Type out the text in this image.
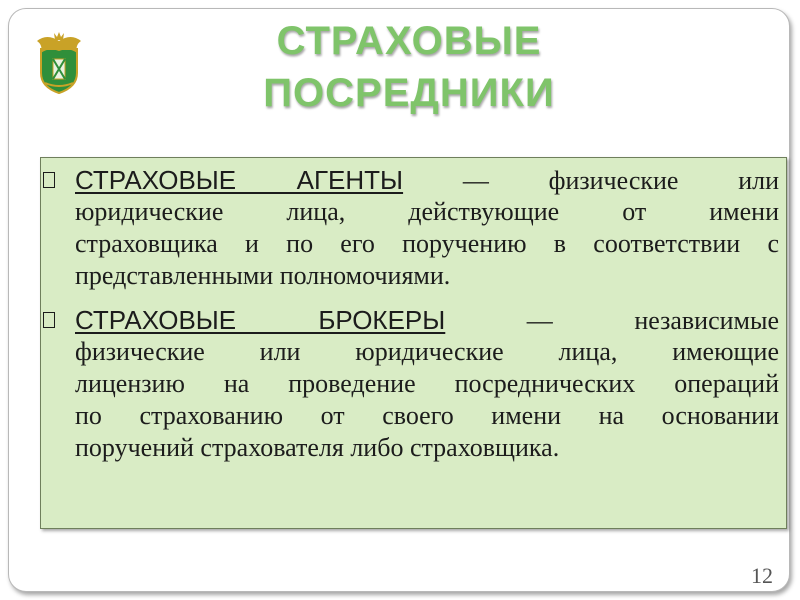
СТРАХОВЫЕ
ПОСРЕДНИКИ
СТРАХОВЫЕ АГЕНТЫ — физические или
юридические лица, действующие от имени
страховщика и по его поручению в соответствии с
представленными полномочиями.
СТРАХОВЫЕ БРОКЕРЫ	—	независимые
физические или юридические лица, имеющие
лицензию на проведение посреднических операций
по страхованию от своего имени на основании
поручений страхователя либо страховщика.
12
